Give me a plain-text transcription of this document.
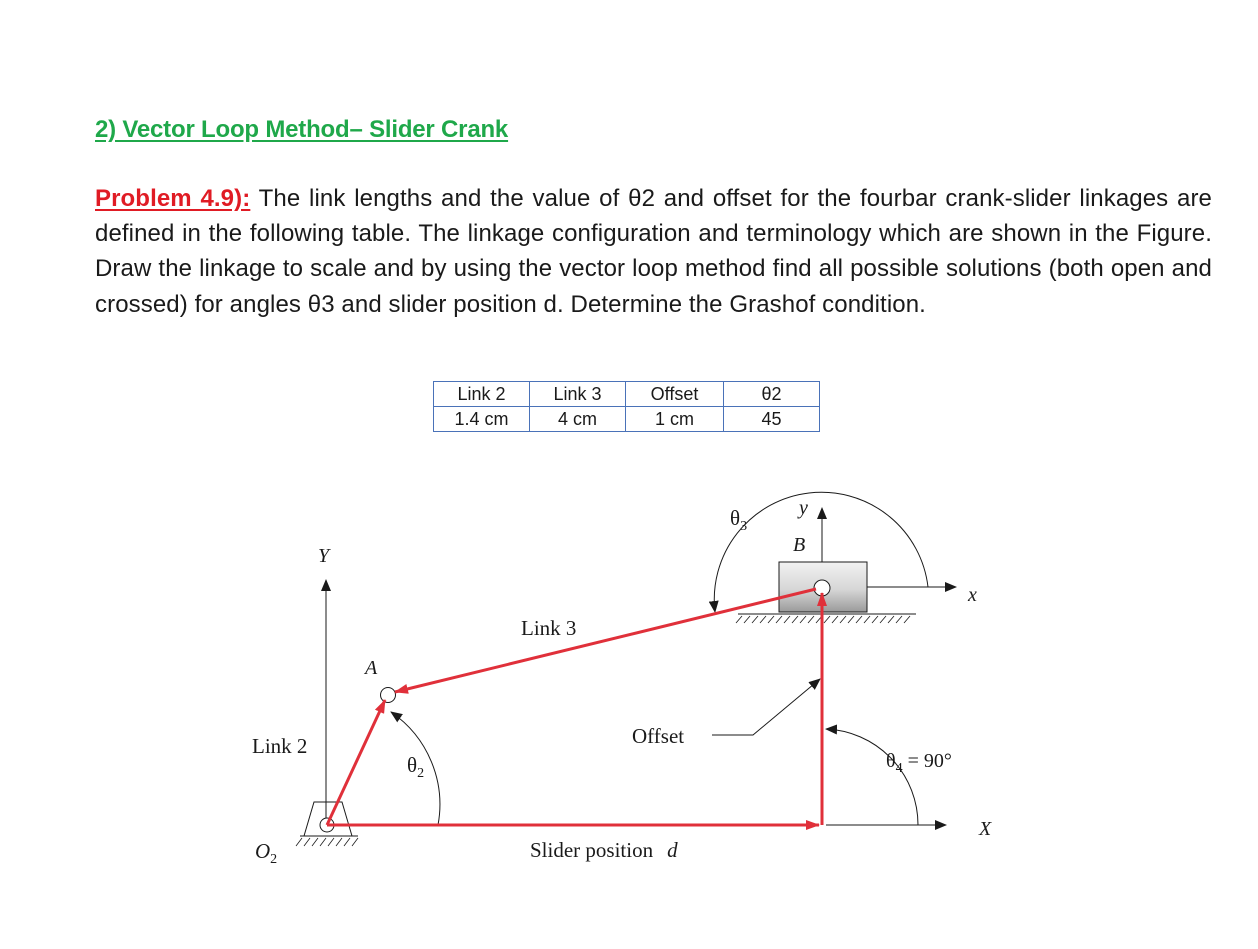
2) Vector Loop Method– Slider Crank
Problem 4.9): The link lengths and the value of θ2 and offset for the fourbar crank-slider linkages are defined in the following table. The linkage configuration and terminology which are shown in the Figure. Draw the linkage to scale and by using the vector loop method find all possible solutions (both open and crossed) for angles θ3 and slider position d. Determine the Grashof condition.
Link 2	Link 3	Offset	θ2
1.4 cm	4 cm	1 cm	45
Y
X
y
x
A
B
$O_2$
Link 2
Link 3
Offset
Slider position d
$\theta_2$
$\theta_3$
$\theta_4 = 90^\circ$
